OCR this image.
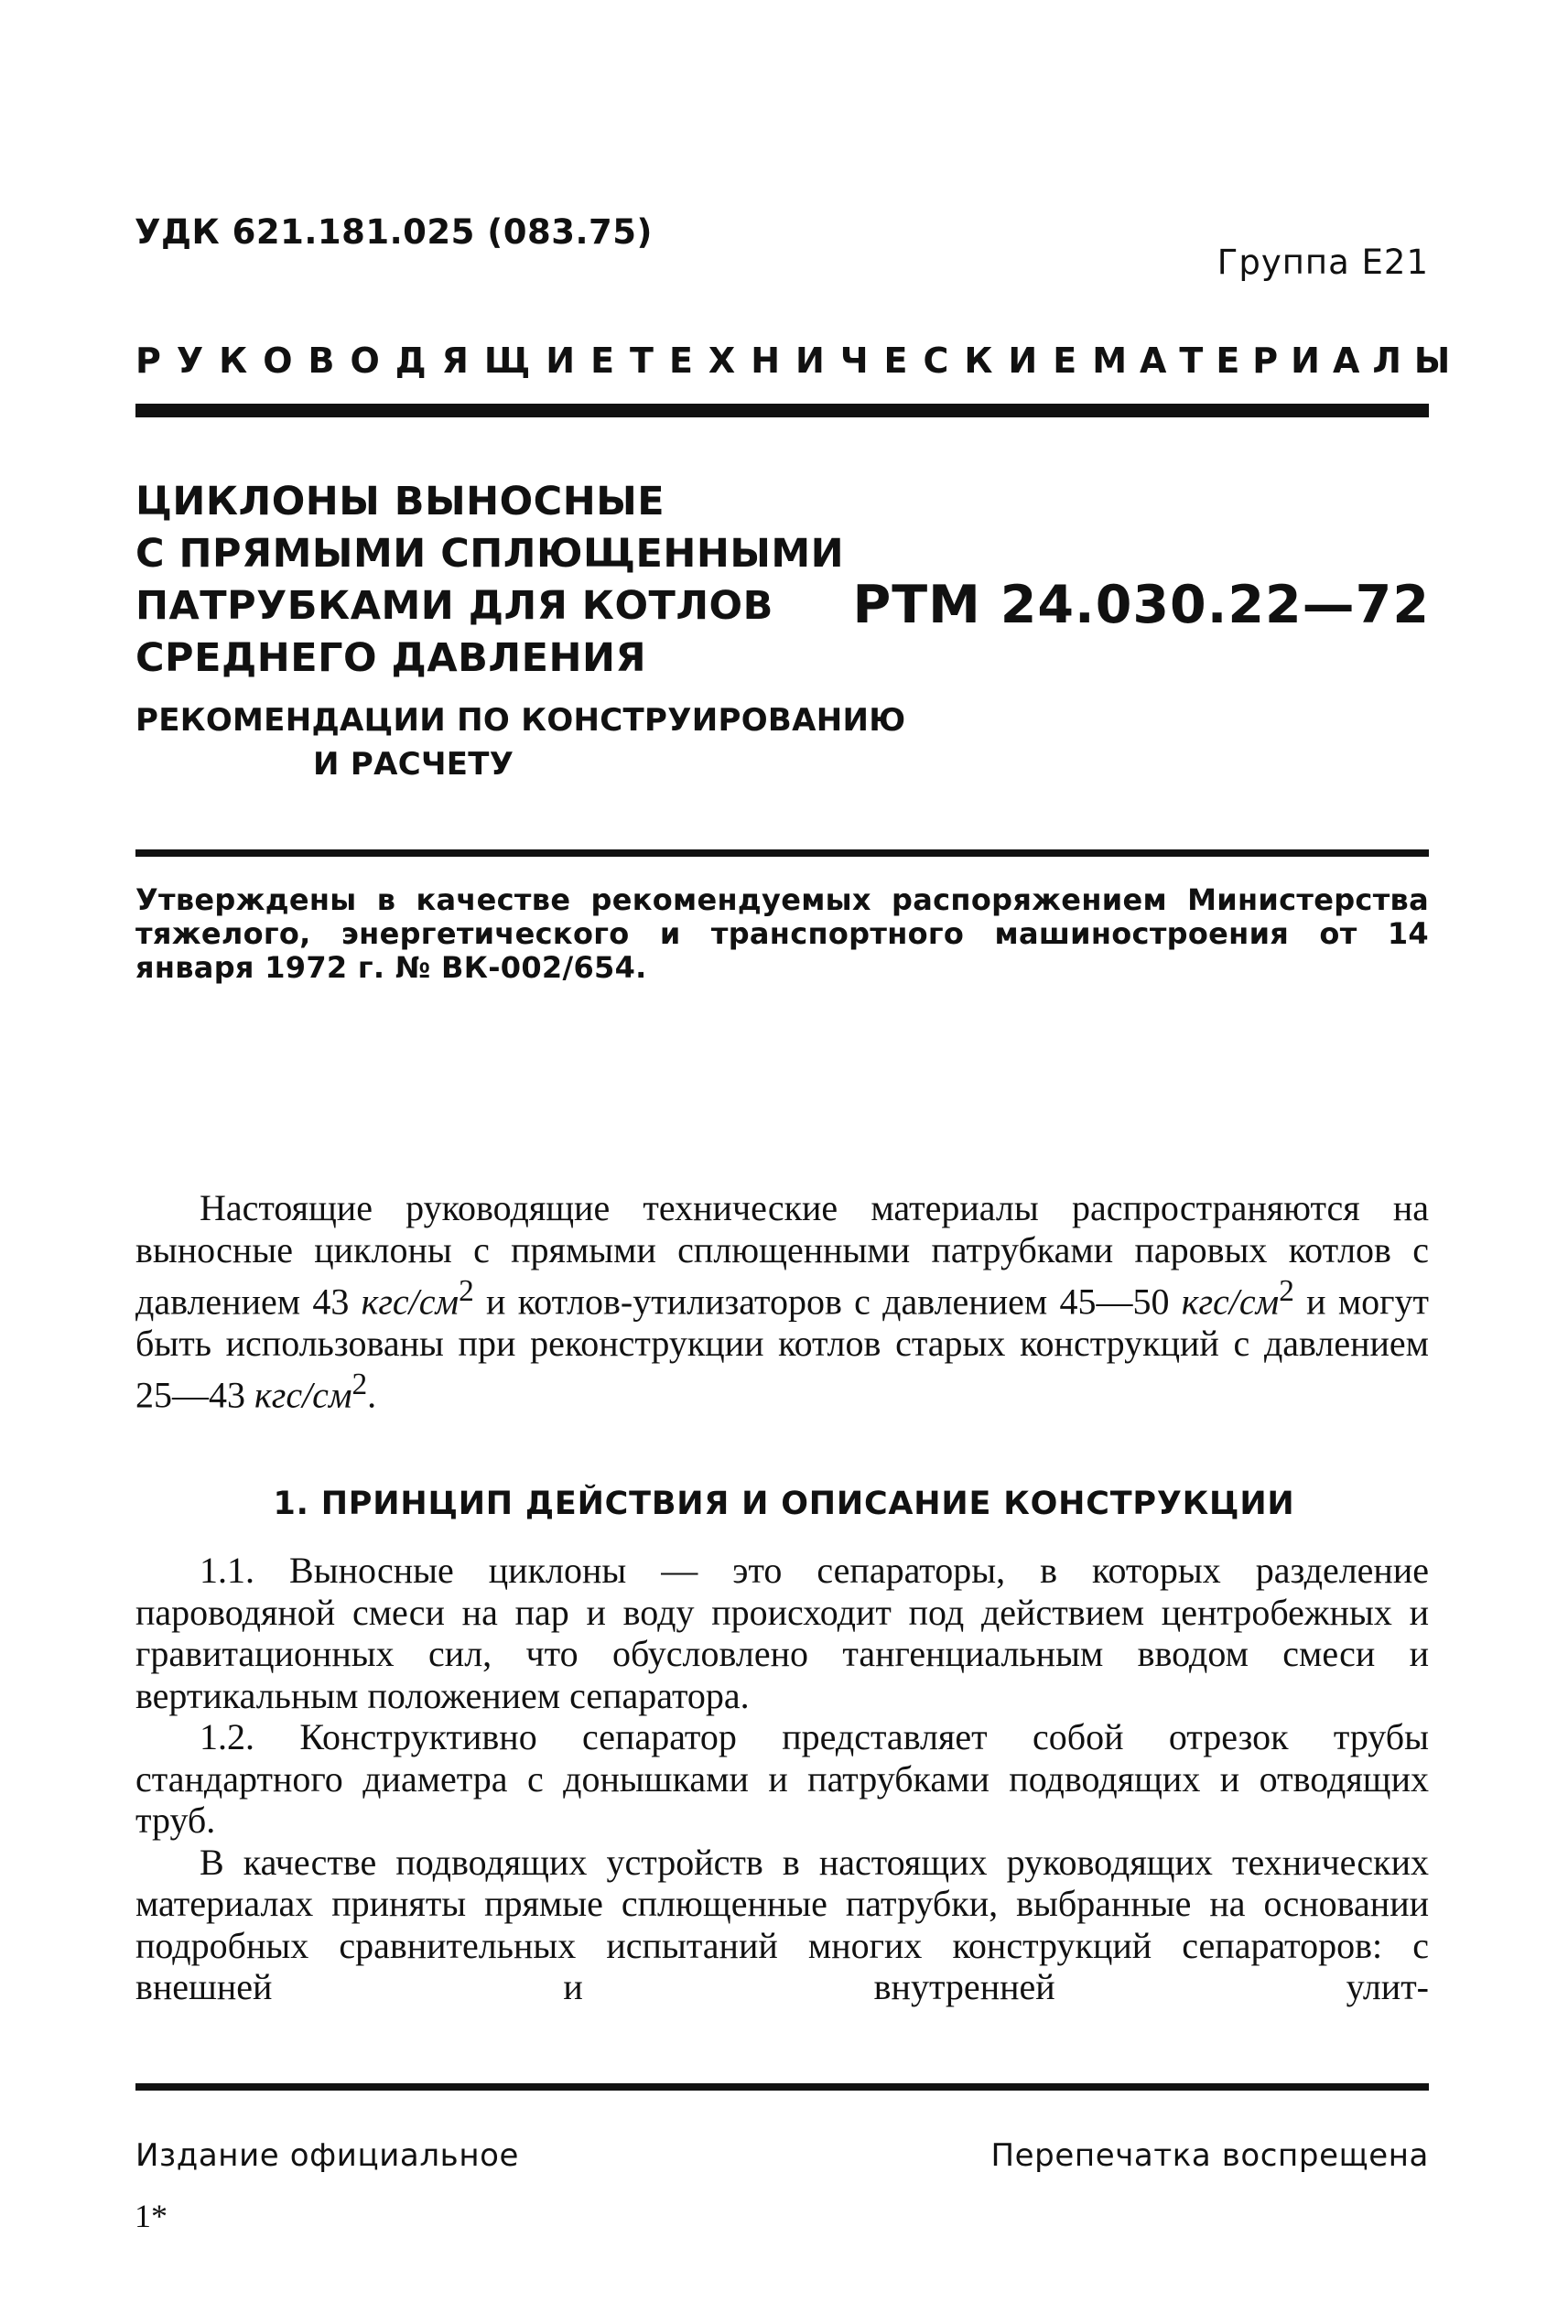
УДК 621.181.025 (083.75)
Группа Е21
РУКОВОДЯЩИЕ ТЕХНИЧЕСКИЕ МАТЕРИАЛЫ
ЦИКЛОНЫ ВЫНОСНЫЕ
С ПРЯМЫМИ СПЛЮЩЕННЫМИ
ПАТРУБКАМИ ДЛЯ КОТЛОВ
СРЕДНЕГО ДАВЛЕНИЯ
РТМ 24.030.22—72
РЕКОМЕНДАЦИИ ПО КОНСТРУИРОВАНИЮ
И РАСЧЕТУ
Утверждены в качестве рекомендуемых распоряжением Министерства тяжелого, энергетического и транспортного машиностроения от 14 января 1972 г. № ВК-002/654.

Настоящие руководящие технические материалы распространяются на выносные циклоны с прямыми сплющенными патрубками паровых котлов с давлением 43 кгс/$см^2$ и котлов-утилизаторов с давлением 45—50 кгс/$см^2$ и могут быть использованы при реконструкции котлов старых конструкций с давлением 25—43 кгс/$см^2$.

1. ПРИНЦИП ДЕЙСТВИЯ И ОПИСАНИЕ КОНСТРУКЦИИ

1.1. Выносные циклоны — это сепараторы, в которых разделение пароводяной смеси на пар и воду происходит под действием центробежных и гравитационных сил, что обусловлено тангенциальным вводом смеси и вертикальным положением сепаратора.

1.2. Конструктивно сепаратор представляет собой отрезок трубы стандартного диаметра с донышками и патрубками подводящих и отводящих труб.

В качестве подводящих устройств в настоящих руководящих технических материалах приняты прямые сплющенные патрубки, выбранные на основании подробных сравнительных испытаний многих конструкций сепараторов: с внешней и внутренней улит-

Издание официальное	Перепечатка воспрещена
1*
